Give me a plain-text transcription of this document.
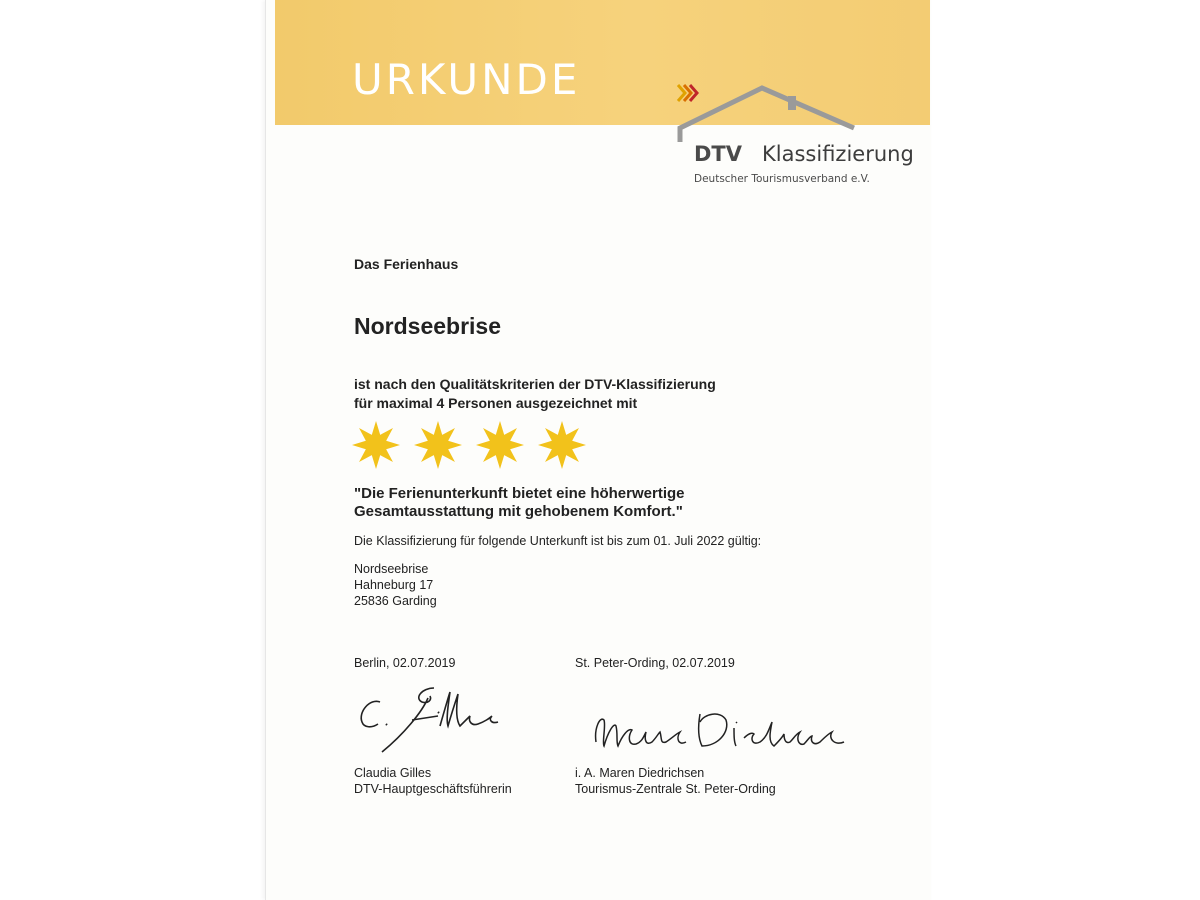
URKUNDE
DTV Klassifizierung
Deutscher Tourismusverband e.V.
Das Ferienhaus
Nordseebrise
ist nach den Qualitätskriterien der DTV-Klassifizierung
für maximal 4 Personen ausgezeichnet mit
"Die Ferienunterkunft bietet eine höherwertige
Gesamtausstattung mit gehobenem Komfort."
Die Klassifizierung für folgende Unterkunft ist bis zum 01. Juli 2022 gültig:
Nordseebrise
Hahneburg 17
25836 Garding
Berlin, 02.07.2019	St. Peter-Ording, 02.07.2019
Claudia Gilles
DTV-Hauptgeschäftsführerin
i. A. Maren Diedrichsen
Tourismus-Zentrale St. Peter-Ording
